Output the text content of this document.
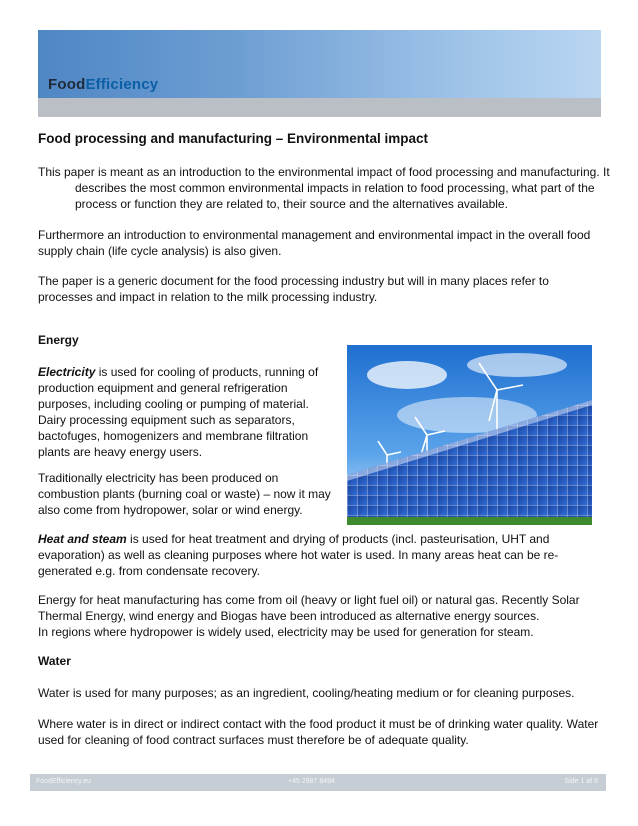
FoodEfficiency
Food processing and manufacturing – Environmental impact
This paper is meant as an introduction to the environmental impact of food processing and manufacturing. It describes the most common environmental impacts in relation to food processing, what part of the process or function they are related to, their source and the alternatives available.
Furthermore an introduction to environmental management and environmental impact in the overall food supply chain (life cycle analysis) is also given.
The paper is a generic document for the food processing industry but will in many places refer to processes and impact in relation to the milk processing industry.
Energy
Electricity is used for cooling of products, running of production equipment and general refrigeration purposes, including cooling or pumping of material.
Dairy processing equipment such as separators, bactofuges, homogenizers and membrane filtration plants are heavy energy users.
Traditionally electricity has been produced on combustion plants (burning coal or waste) – now it may also come from hydropower, solar or wind energy.
Heat and steam is used for heat treatment and drying of products (incl. pasteurisation, UHT and evaporation) as well as cleaning purposes where hot water is used. In many areas heat can be re-generated e.g. from condensate recovery.
Energy for heat manufacturing has come from oil (heavy or light fuel oil) or natural gas. Recently Solar Thermal Energy, wind energy and Biogas have been introduced as alternative energy sources.
In regions where hydropower is widely used, electricity may be used for generation for steam.
Water
Water is used for many purposes; as an ingredient, cooling/heating medium or for cleaning purposes.
Where water is in direct or indirect contact with the food product it must be of drinking water quality. Water used for cleaning of food contract surfaces must therefore be of adequate quality.
FoodEfficiency.eu	+45 2987 8494	Side 1 af 6
